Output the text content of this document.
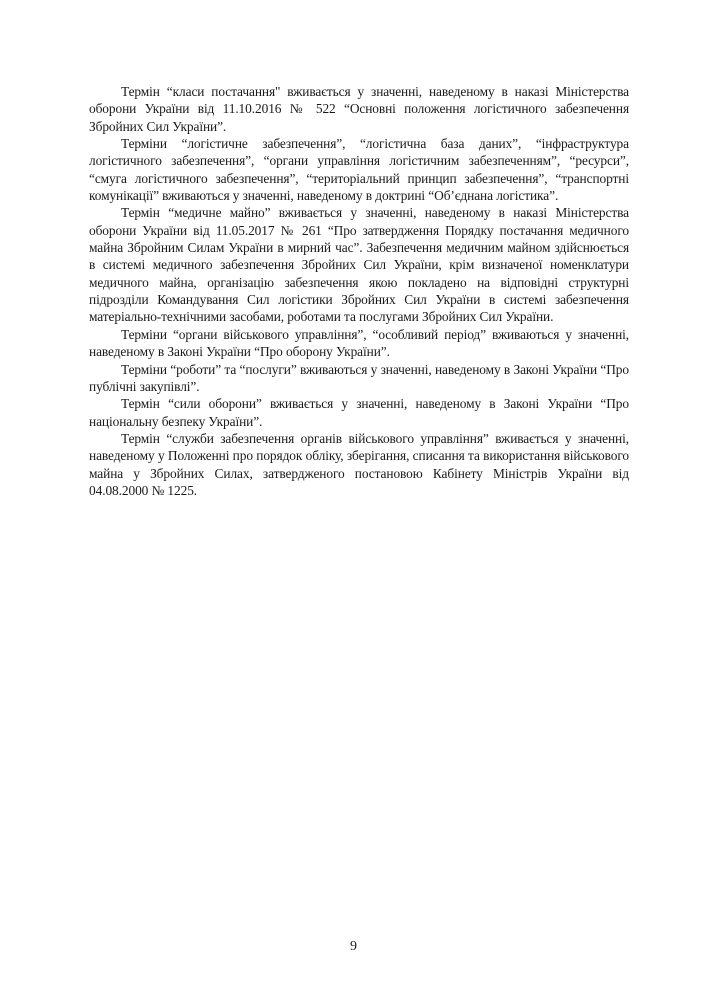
Термін “класи постачання" вживається у значенні, наведеному в наказі Міністерства оборони України від 11.10.2016 № 522 “Основні положення логістичного забезпечення Збройних Сил України”.

Терміни “логістичне забезпечення”, “логістична база даних”, “інфраструктура логістичного забезпечення”, “органи управління логістичним забезпеченням”, “ресурси”, “смуга логістичного забезпечення”, “територіальний принцип забезпечення”, “транспортні комунікації” вживаються у значенні, наведеному в доктрині “Об’єднана логістика”.

Термін “медичне майно” вживається у значенні, наведеному в наказі Міністерства оборони України від 11.05.2017 № 261 “Про затвердження Порядку постачання медичного майна Збройним Силам України в мирний час”. Забезпечення медичним майном здійснюється в системі медичного забезпечення Збройних Сил України, крім визначеної номенклатури медичного майна, організацію забезпечення якою покладено на відповідні структурні підрозділи Командування Сил логістики Збройних Сил України в системі забезпечення матеріально-технічними засобами, роботами та послугами Збройних Сил України.

Терміни “органи військового управління”, “особливий період” вживаються у значенні, наведеному в Законі України “Про оборону України”.

Терміни “роботи” та “послуги” вживаються у значенні, наведеному в Законі України “Про публічні закупівлі”.

Термін “сили оборони” вживається у значенні, наведеному в Законі України “Про національну безпеку України”.

Термін “служби забезпечення органів військового управління” вживається у значенні, наведеному у Положенні про порядок обліку, зберігання, списання та використання військового майна у Збройних Силах, затвердженого постановою Кабінету Міністрів України від 04.08.2000 № 1225.

9
